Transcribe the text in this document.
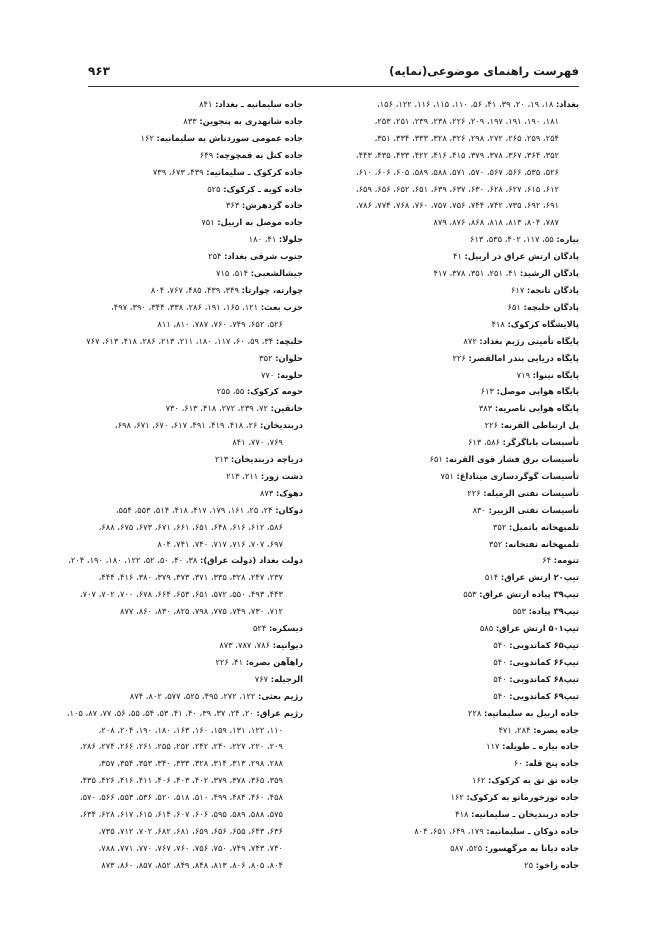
فهرست راهنمای موضوعی(نمایه)
۹۶۳
بغداد: ۱۸، ۱۹، ۲۰، ۳۹، ۴۱، ۵۶، ۱۱۰، ۱۱۵، ۱۱۶، ۱۲۲، ۱۵۶،
۱۸۱، ۱۹۰، ۱۹۱، ۱۹۷، ۲۰۹، ۲۲۶، ۲۳۸، ۲۳۹، ۲۵۱، ۲۵۳،
۲۵۴، ۲۵۹، ۲۶۵، ۲۷۲، ۲۹۸، ۳۲۶، ۳۲۸، ۳۳۳، ۳۳۴، ۳۵۱،
۳۵۲، ۳۶۴، ۳۶۷، ۳۷۸، ۳۷۹، ۴۱۵، ۴۱۶، ۴۲۲، ۴۳۳، ۴۳۵، ۴۴۳،
۵۲۶، ۵۳۵، ۵۶۶، ۵۶۷، ۵۷۰، ۵۷۱، ۵۸۸، ۵۸۹، ۶۰۵، ۶۰۶، ۶۱۰،
۶۱۲، ۶۱۵، ۶۲۷، ۶۲۸، ۶۳۰، ۶۳۷، ۶۳۹، ۶۵۱، ۶۵۲، ۶۵۶، ۶۵۹،
۶۹۱، ۶۹۲، ۷۳۵، ۷۴۲، ۷۴۴، ۷۵۶، ۷۵۷، ۷۶۰، ۷۶۸، ۷۷۴، ۷۸۶،
۷۸۷، ۸۰۴، ۸۱۳، ۸۱۸، ۸۶۸، ۸۷۶، ۸۷۹
بیاره: ۵۵، ۱۱۷، ۴۰۲، ۵۳۵، ۶۱۳
پادگان ارتش عراق در اربیل: ۴۱
پادگان الرشید: ۴۱، ۲۵۱، ۳۵۱، ۳۷۸، ۴۱۷
پادگان تانجه: ۶۱۷
پادگان حلبچه: ۶۵۱
پالایشگاه کرکوک: ۴۱۸
پایگاه تأمینی رژیم بغداد: ۸۷۲
پایگاه دریایی بندر امالقصر: ۲۲۶
پایگاه نینوا: ۷۱۹
پایگاه هوایی موصل: ۶۱۳
پایگاه هوایی ناصریه: ۳۸۳
پل ارتباطی القرنه: ۲۲۶
تأسیسات باباگرگر: ۵۸۶، ۶۱۳
تأسیسات برق فشار قوی القرنه: ۶۵۱
تأسیسات گوگردسازی میناداغ: ۷۵۱
تأسیسات نفتی الرمیله: ۲۲۶
تأسیسات نفتی الزبیر: ۸۳۰
تلمبهخانه باتمیل: ۳۵۲
تلمبهخانه نفتخانه: ۳۵۲
تنومه: ۶۴
تیپ۲۰ ارتش عراق: ۵۱۴
تیپ۳۹ پیاده ارتش عراق: ۵۵۳
تیپ۳۹ پیاده: ۵۵۳
تیپ۵۰۱ ارتش عراق: ۵۸۵
تیپ۶۵ کماندویی: ۵۴۰
تیپ۶۶ کماندویی: ۵۴۰
تیپ۶۸ کماندویی: ۵۴۰
تیپ۶۹ کماندویی: ۵۴۰
جاده اربیل به سلیمانیه: ۲۲۸
جاده بصره: ۲۸۴، ۴۷۱
جاده بیاره ـ طویله: ۱۱۷
جاده پنج قله: ۶۰
جاده تق تق به کرکوک: ۱۶۲
جاده توزخورماتو به کرکوک: ۱۶۲
جاده دربندیخان ـ سلیمانیه: ۴۱۸
جاده دوکان ـ سلیمانیه: ۱۷۹، ۶۴۹، ۶۵۱، ۸۰۴
جاده دیانا به مرگهسور: ۵۲۵، ۵۸۷
جاده زاخو: ۲۵
جاده سلیمانیه ـ بغداد: ۸۴۱
جاده شانهدری به پنجوین: ۸۳۳
جاده عمومی سوردناش به سلیمانیه: ۱۶۲
جاده کنل به قمچوچه: ۶۴۹
جاده کرکوک ـ سلیمانیه: ۴۳۹، ۶۷۳، ۷۳۹
جاده کویه ـ کرکوک: ۵۲۵
جاده گردهرش: ۳۶۳
جاده موصل به اربیل: ۷۵۱
جلولا: ۴۱، ۱۸۰
جنوب شرقی بغداد: ۲۵۴
جیشالشعبی: ۵۱۴، ۷۱۵
چوارته، چوارتا: ۳۴۹، ۴۳۹، ۴۸۵، ۷۶۷، ۸۰۴
حزب بعث: ۱۲۱، ۱۶۵، ۱۹۱، ۲۸۶، ۳۳۸، ۳۴۴، ۳۹۰، ۴۹۷،
۵۲۶، ۶۵۲، ۷۴۹، ۷۶۰، ۷۸۷، ۸۱۰، ۸۱۱
حلبچه: ۳۴، ۵۹، ۶۰، ۱۱۷، ۱۸۰، ۲۱۱، ۲۱۳، ۲۸۶، ۴۱۸، ۶۱۳، ۷۶۷
حلوان: ۳۵۲
حلویه: ۷۷۰
حومه کرکوک: ۵۵، ۲۵۵
خانقین: ۷۲، ۲۳۹، ۲۷۲، ۴۱۸، ۶۱۳، ۷۳۰
دربندیخان: ۲۶، ۴۱۸، ۴۱۹، ۴۹۱، ۶۱۷، ۶۷۰، ۶۷۱، ۶۹۸،
۷۶۹، ۷۷۰، ۸۴۱
دریاچه دربندیخان: ۲۱۳
دشت زور: ۲۱۱، ۲۱۳
دهوک: ۸۷۳
دوکان: ۲۴، ۲۵، ۱۶۱، ۱۷۹، ۴۱۷، ۴۱۸، ۵۱۴، ۵۵۳، ۵۵۴،
۵۸۶، ۶۱۲، ۶۱۶، ۶۴۸، ۶۵۱، ۶۶۱، ۶۷۱، ۶۷۳، ۶۷۵، ۶۸۸،
۶۹۷، ۷۰۷، ۷۱۶، ۷۱۷، ۷۴۰، ۷۴۱، ۸۰۴
دولت بغداد (دولت عراق): ۳۸، ۴۰، ۵۰، ۵۲، ۱۲۲، ۱۸۰، ۱۹۰، ۲۰۴،
۲۳۷، ۲۴۷، ۳۲۸، ۳۳۵، ۳۷۱، ۳۷۳، ۳۷۹، ۳۸۰، ۴۱۶، ۴۴۴،
۴۴۳، ۴۹۳، ۵۵۰، ۵۷۲، ۶۵۱، ۶۵۳، ۶۶۴، ۶۷۸، ۷۰۰، ۷۰۲، ۷۰۷،
۷۱۲، ۷۳۰، ۷۴۹، ۷۷۵، ۷۹۸، ۸۲۵، ۸۳۰، ۸۶۰، ۸۷۷
دیسکره: ۵۲۴
دیوانیه: ۷۸۶، ۷۸۷، ۸۷۳
راهآهن بصره: ۴۱، ۲۲۶
الرجیله: ۷۶۷
رژیم بعثی: ۱۲۲، ۲۷۲، ۴۹۵، ۵۲۵، ۵۷۷، ۸۰۲، ۸۷۴
رژیم عراق: ۲۰، ۲۴، ۳۷، ۳۹، ۴۰، ۴۱، ۵۳، ۵۴، ۵۵، ۵۶، ۷۷، ۸۷، ۱۰۵،
۱۱۰، ۱۲۲، ۱۳۱، ۱۵۹، ۱۶۰، ۱۶۳، ۱۸۰، ۱۹۰، ۲۰۴، ۲۰۸،
۲۰۹، ۲۲۰، ۲۲۷، ۲۴۰، ۲۴۲، ۲۵۲، ۲۵۵، ۲۶۱، ۲۶۶، ۲۷۴، ۲۸۶،
۲۸۸، ۲۹۸، ۳۱۳، ۳۱۴، ۳۲۸، ۳۳۳، ۳۴۰، ۳۵۳، ۳۵۴، ۳۵۷،
۳۵۹، ۳۶۵، ۳۷۸، ۳۷۹، ۴۰۲، ۴۰۳، ۴۰۶، ۴۱۱، ۴۱۶، ۴۲۶، ۴۳۵،
۴۵۸، ۴۶۰، ۴۸۴، ۴۹۹، ۵۱۰، ۵۱۸، ۵۲۰، ۵۳۶، ۵۵۳، ۵۶۶، ۵۷۰،
۵۷۵، ۵۸۸، ۵۸۹، ۵۹۵، ۶۰۶، ۶۰۷، ۶۱۴، ۶۱۵، ۶۱۷، ۶۲۸، ۶۳۴،
۶۳۶، ۶۴۳، ۶۵۵، ۶۵۶، ۶۵۹، ۶۸۱، ۶۸۲، ۷۰۲، ۷۱۲، ۷۳۵،
۷۴۰، ۷۴۳، ۷۴۹، ۷۵۰، ۷۵۶، ۷۶۰، ۷۶۷، ۷۷۰، ۷۷۱، ۷۸۸،
۸۰۴، ۸۰۵، ۸۰۶، ۸۱۳، ۸۴۸، ۸۴۹، ۸۵۲، ۸۵۷، ۸۶۰، ۸۷۳
